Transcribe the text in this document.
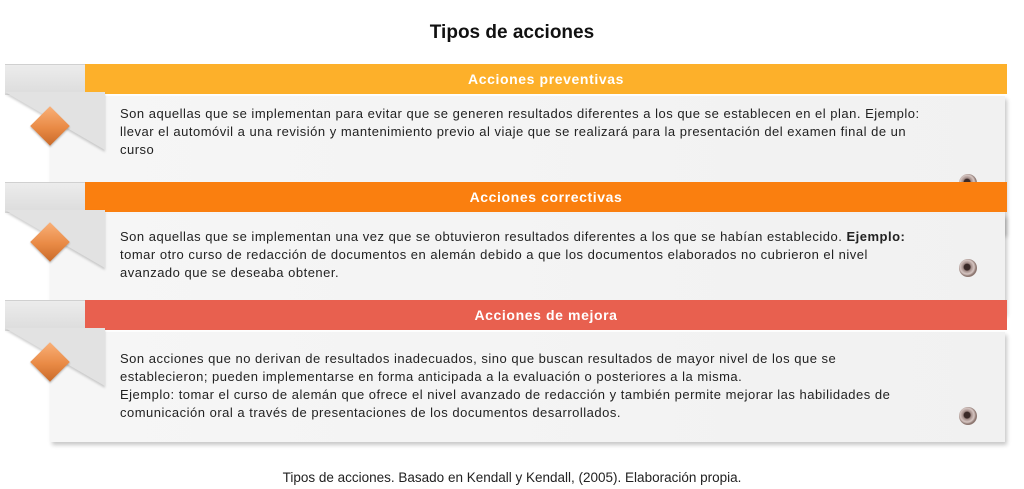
Tipos de acciones
Acciones preventivas

Son aquellas que se implementan para evitar que se generen resultados diferentes a los que se establecen en el plan. Ejemplo: llevar el automóvil a una revisión y mantenimiento previo al viaje que se realizará para la presentación del examen final de un curso

Acciones correctivas

Son aquellas que se implementan una vez que se obtuvieron resultados diferentes a los que se habían establecido. Ejemplo: tomar otro curso de redacción de documentos en alemán debido a que los documentos elaborados no cubrieron el nivel avanzado que se deseaba obtener.

Acciones de mejora

Son acciones que no derivan de resultados inadecuados, sino que buscan resultados de mayor nivel de los que se establecieron; pueden implementarse en forma anticipada a la evaluación o posteriores a la misma.

Ejemplo: tomar el curso de alemán que ofrece el nivel avanzado de redacción y también permite mejorar las habilidades de comunicación oral a través de presentaciones de los documentos desarrollados.

Tipos de acciones. Basado en Kendall y Kendall, (2005). Elaboración propia.
